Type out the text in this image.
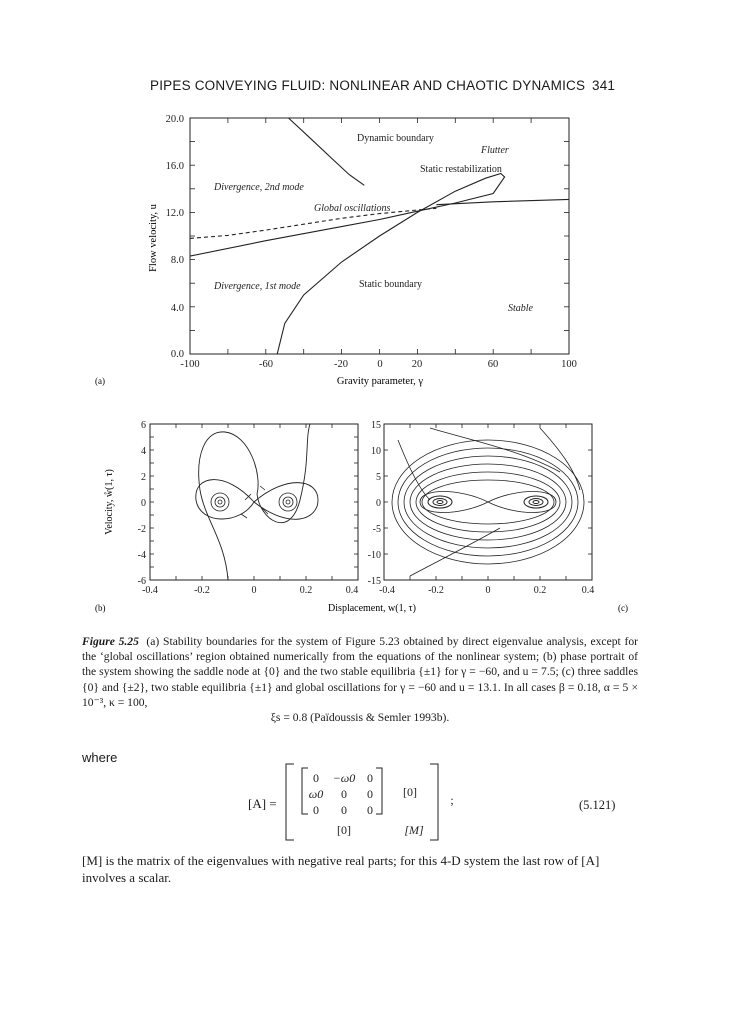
PIPES CONVEYING FLUID: NONLINEAR AND CHAOTIC DYNAMICS 341
20.0
16.0
12.0
8.0
4.0
0.0
-100	-60	-20	0	20	60	100
Gravity parameter, γ
Flow velocity, u
(a)
Dynamic boundary
Flutter
Static restabilization
Divergence, 2nd mode
Global oscillations
Divergence, 1st mode	Static boundary
Stable
6
4
2
0
-2
-4
-6
-0.4	-0.2	0	0.2	0.4
Velocity, ẘ(1, τ)
(b)
15
10
5
0
-5
-10
-15
-0.4	-0.2	0	0.2	0.4
Displacement, w(1, τ)	(c)
Figure 5.25 (a) Stability boundaries for the system of Figure 5.23 obtained by direct eigenvalue analysis, except for the ‘global oscillations’ region obtained numerically from the equations of the nonlinear system; (b) phase portrait of the system showing the saddle node at {0} and the two stable equilibria {±1} for γ = −60, and u = 7.5; (c) three saddles {0} and {±2}, two stable equilibria {±1} and global oscillations for γ = −60 and u = 13.1. In all cases β = 0.18, α = 5 × 10⁻³, κ = 100,
ξs = 0.8 (Païdoussis & Semler 1993b).
where
[A] =
0 −ω0 0
ω0 0 0
0 0 0
[0]
[0]	[M]
;	(5.121)
[M] is the matrix of the eigenvalues with negative real parts; for this 4-D system the last row of [A] involves a scalar.
